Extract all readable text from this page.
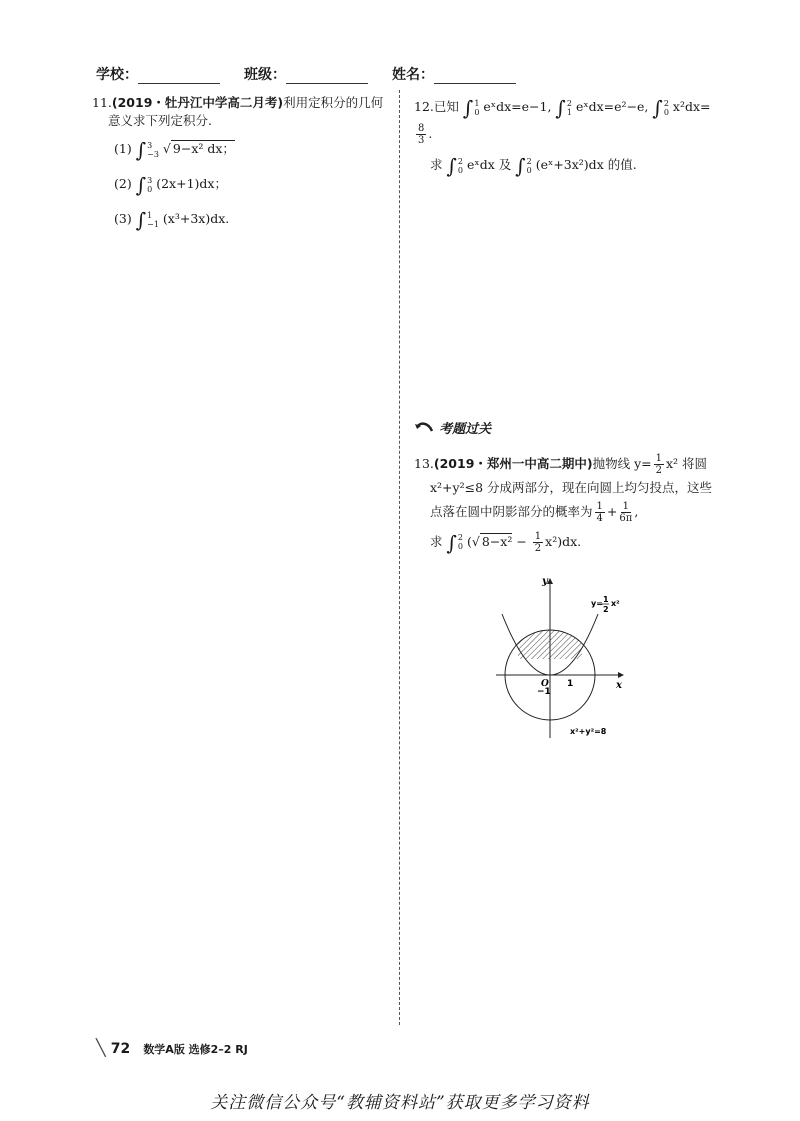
学校：	班级：	姓名：
11.(2019・牡丹江中学高二月考)利用定积分的几何
意义求下列定积分.
(1) ∫ 3
−3 √ 9−x² dx；
(2) ∫ 3
0 (2x+1)dx；
(3) ∫ 1
−1 (x³+3x)dx.
12.已知 ∫ 1
0 eˣdx=e−1, ∫ 2
1 eˣdx=e²−e, ∫ 2
0 x²dx=
$\frac{8}{3}$ .
求 ∫ 2
0 eˣdx 及 ∫ 2
0 (eˣ+3x²)dx 的值.
考题过关
13.(2019・郑州一中高二期中)抛物线 $y= \frac{1}{2} x^2$ 将圆
x²+y²≤8 分成两部分，现在向圆上均匀投点，这些
点落在圆中阴影部分的概率为 $\frac{1}{4} + \frac{1}{6\pi}$ ,
求 ∫ 2
0 (√ $8-x^2 - \frac{1}{2} x^2)dx$.
y
x
O 1
−1
y= 1
2
x²
x²+y²=8
╲ 72 数学A版 选修2–2 RJ
关注微信公众号“教辅资料站”获取更多学习资料
